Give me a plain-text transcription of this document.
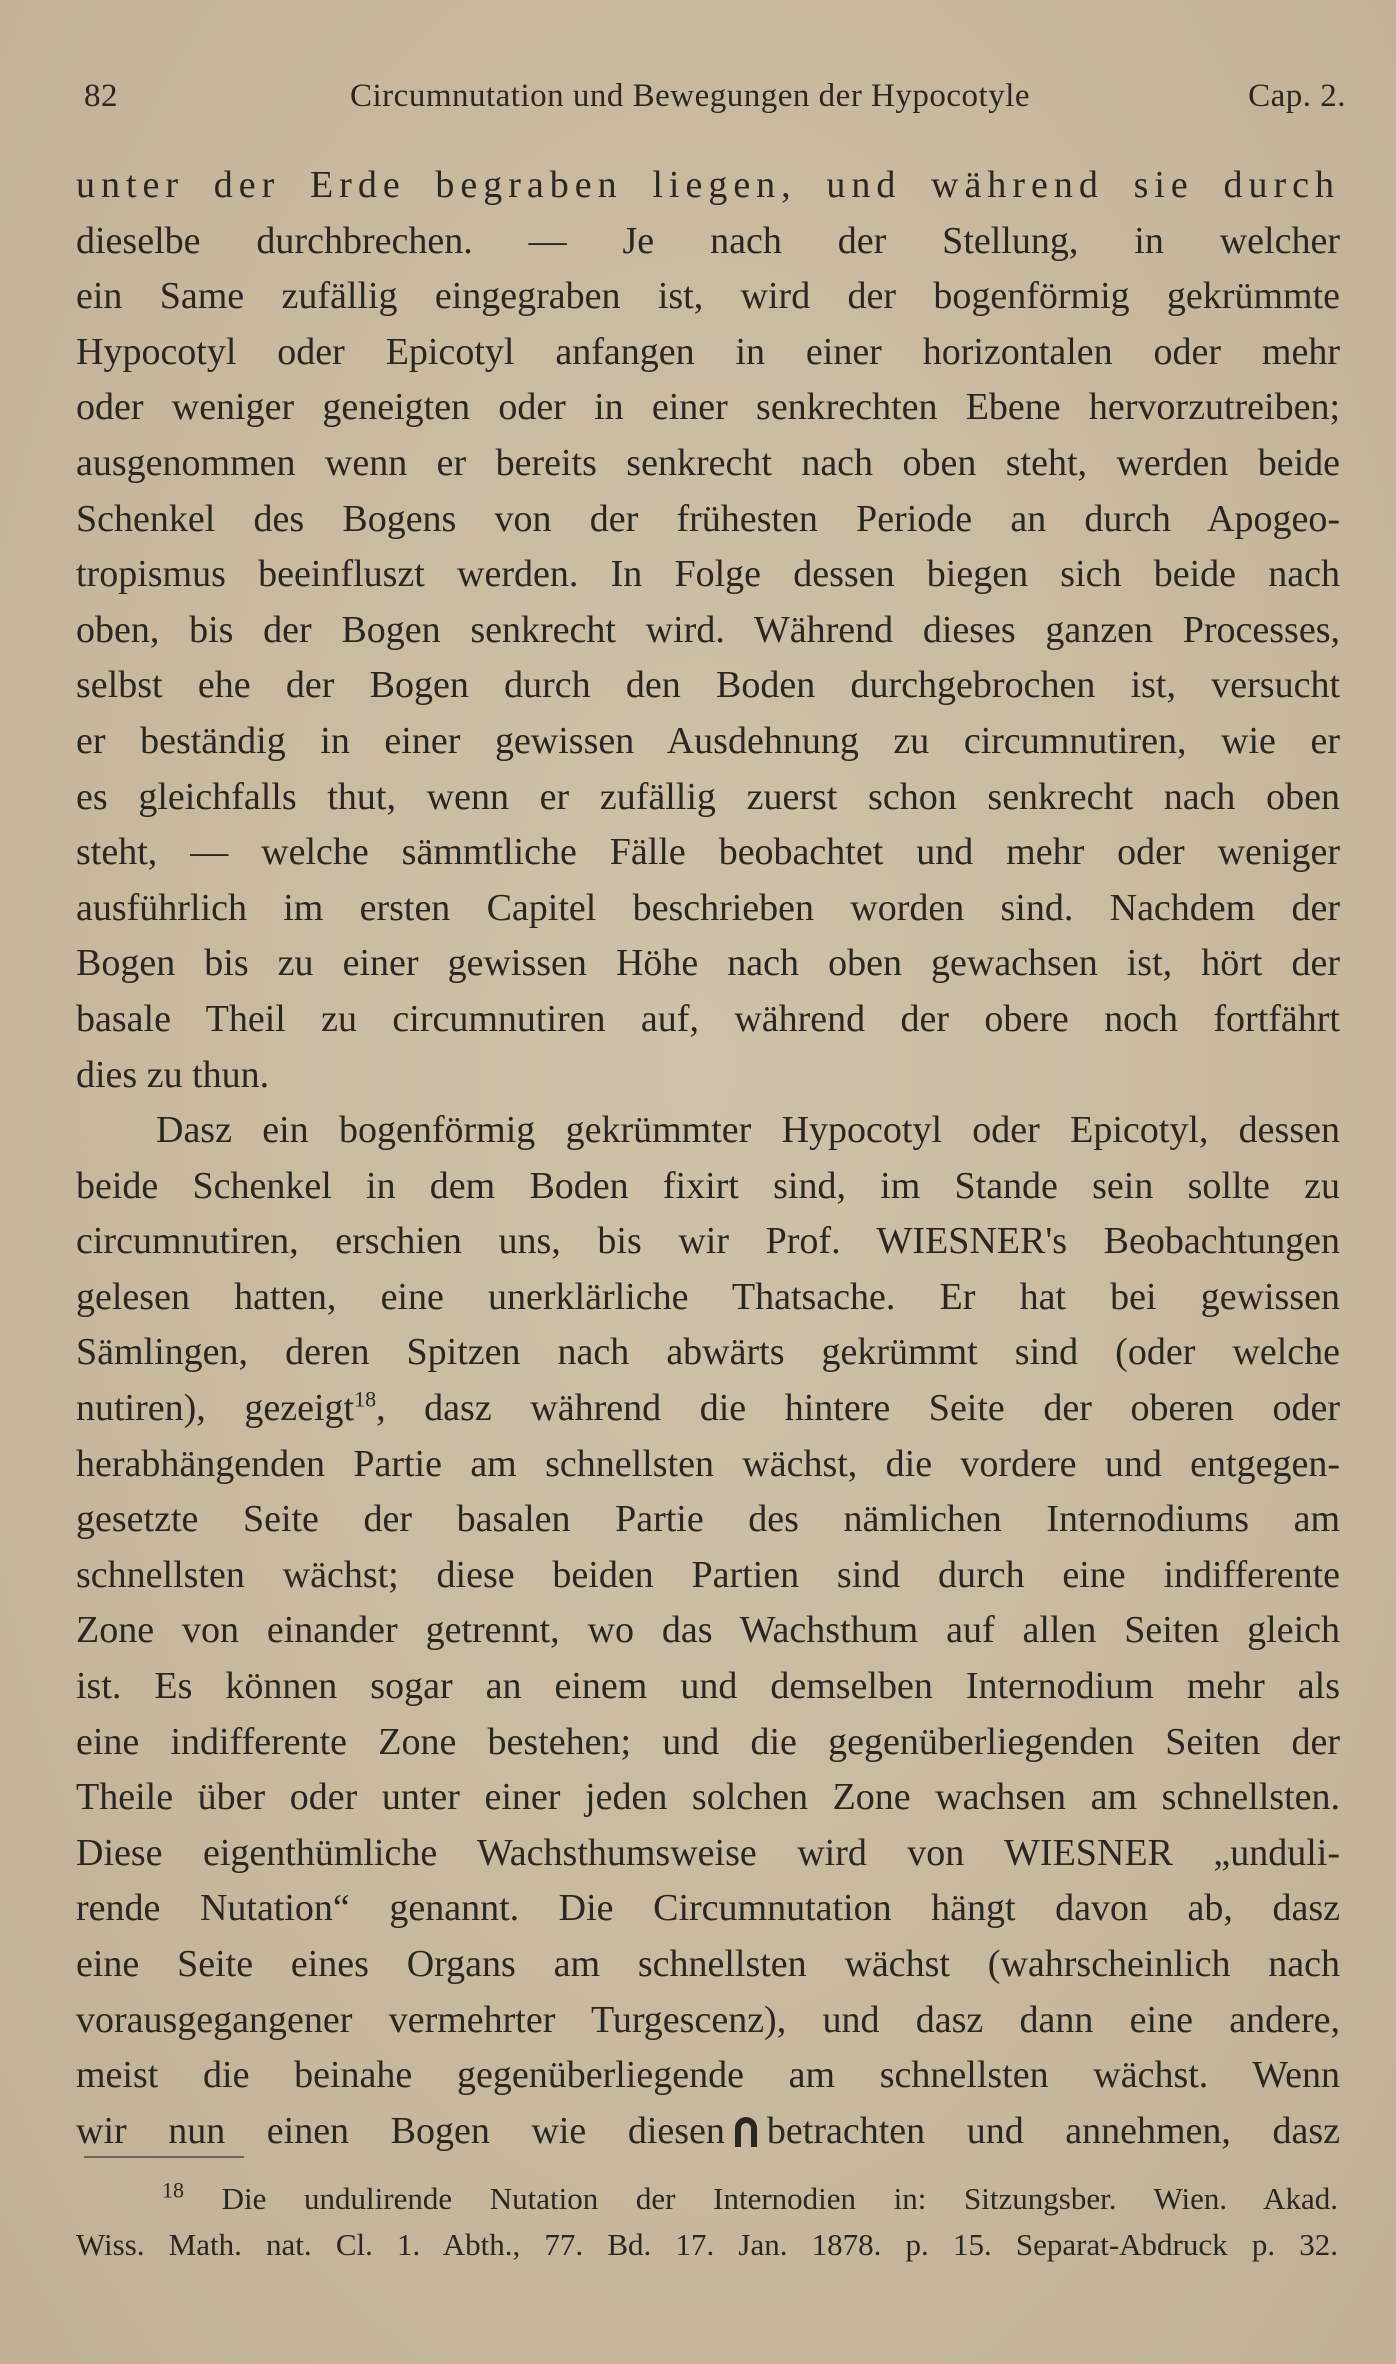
82	Circumnutation und Bewegungen der Hypocotyle	Cap. 2.
unter der Erde begraben liegen, und während sie durch
dieselbe durchbrechen. — Je nach der Stellung, in welcher
ein Same zufällig eingegraben ist, wird der bogenförmig gekrümmte
Hypocotyl oder Epicotyl anfangen in einer horizontalen oder mehr
oder weniger geneigten oder in einer senkrechten Ebene hervorzutreiben;
ausgenommen wenn er bereits senkrecht nach oben steht, werden beide
Schenkel des Bogens von der frühesten Periode an durch Apogeo-
tropismus beeinfluszt werden. In Folge dessen biegen sich beide nach
oben, bis der Bogen senkrecht wird. Während dieses ganzen Processes,
selbst ehe der Bogen durch den Boden durchgebrochen ist, versucht
er beständig in einer gewissen Ausdehnung zu circumnutiren, wie er
es gleichfalls thut, wenn er zufällig zuerst schon senkrecht nach oben
steht, — welche sämmtliche Fälle beobachtet und mehr oder weniger
ausführlich im ersten Capitel beschrieben worden sind. Nachdem der
Bogen bis zu einer gewissen Höhe nach oben gewachsen ist, hört der
basale Theil zu circumnutiren auf, während der obere noch fortfährt
dies zu thun.
Dasz ein bogenförmig gekrümmter Hypocotyl oder Epicotyl, dessen
beide Schenkel in dem Boden fixirt sind, im Stande sein sollte zu
circumnutiren, erschien uns, bis wir Prof. WIESNER's Beobachtungen
gelesen hatten, eine unerklärliche Thatsache. Er hat bei gewissen
Sämlingen, deren Spitzen nach abwärts gekrümmt sind (oder welche
nutiren), gezeigt$^{18}$, dasz während die hintere Seite der oberen oder
herabhängenden Partie am schnellsten wächst, die vordere und entgegen-
gesetzte Seite der basalen Partie des nämlichen Internodiums am
schnellsten wächst; diese beiden Partien sind durch eine indifferente
Zone von einander getrennt, wo das Wachsthum auf allen Seiten gleich
ist. Es können sogar an einem und demselben Internodium mehr als
eine indifferente Zone bestehen; und die gegenüberliegenden Seiten der
Theile über oder unter einer jeden solchen Zone wachsen am schnellsten.
Diese eigenthümliche Wachsthumsweise wird von WIESNER „unduli-
rende Nutation“ genannt. Die Circumnutation hängt davon ab, dasz
eine Seite eines Organs am schnellsten wächst (wahrscheinlich nach
vorausgegangener vermehrter Turgescenz), und dasz dann eine andere,
meist die beinahe gegenüberliegende am schnellsten wächst. Wenn
wir nun einen Bogen wie diesen betrachten und annehmen, dasz
$^{18}$ Die undulirende Nutation der Internodien in: Sitzungsber. Wien. Akad.
Wiss. Math. nat. Cl. 1. Abth., 77. Bd. 17. Jan. 1878. p. 15. Separat-Abdruck p. 32.
